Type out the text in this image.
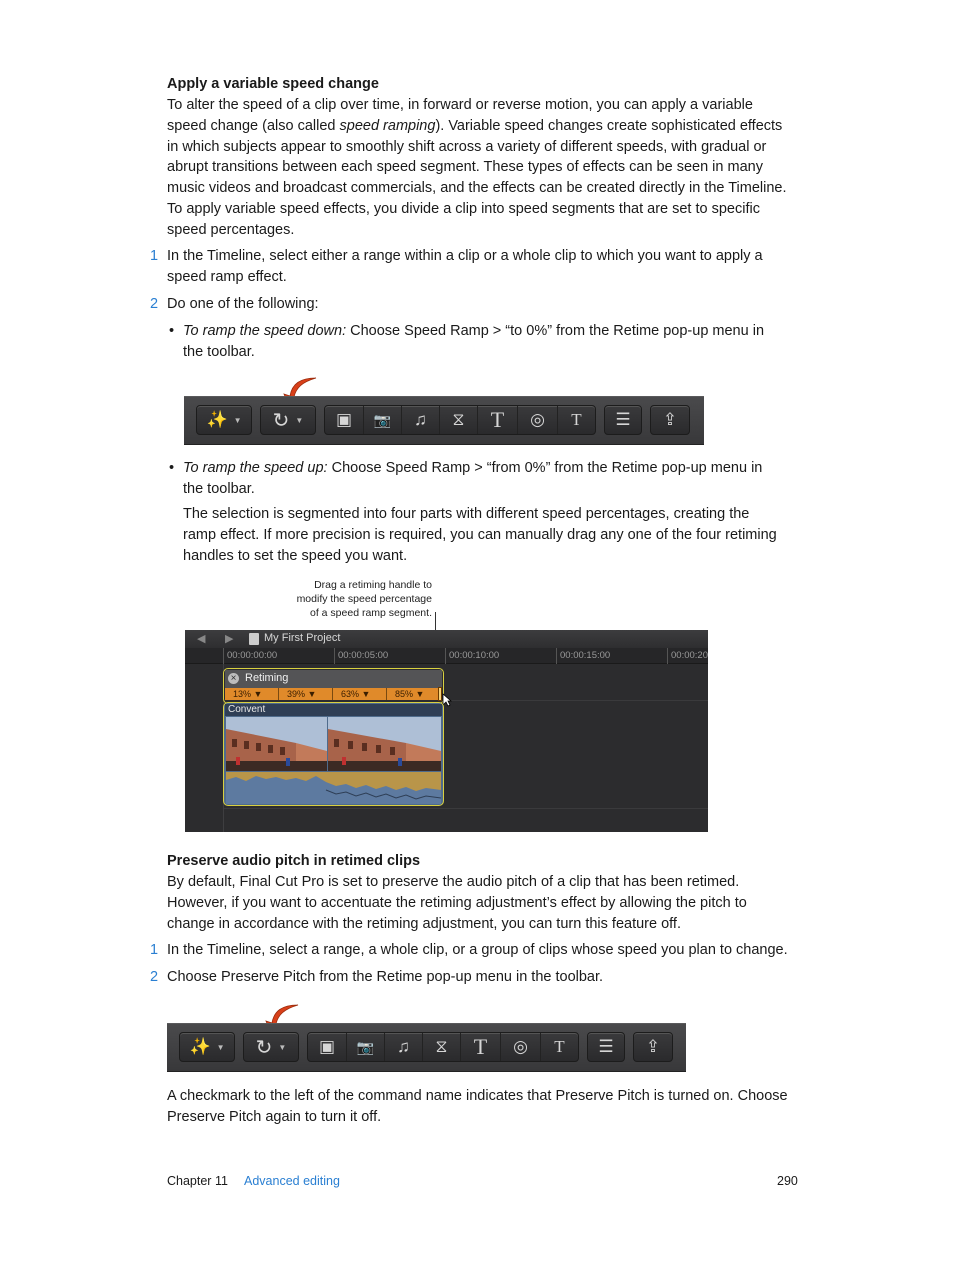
Apply a variable speed change
To alter the speed of a clip over time, in forward or reverse motion, you can apply a variable
speed change (also called speed ramping). Variable speed changes create sophisticated effects
in which subjects appear to smoothly shift across a variety of different speeds, with gradual or
abrupt transitions between each speed segment. These types of effects can be seen in many
music videos and broadcast commercials, and the effects can be created directly in the Timeline.
To apply variable speed effects, you divide a clip into speed segments that are set to specific
speed percentages.
1 In the Timeline, select either a range within a clip or a whole clip to which you want to apply a
speed ramp effect.
2 Do one of the following:
• To ramp the speed down: Choose Speed Ramp > “to 0%” from the Retime pop-up menu in
the toolbar.
✨ ▼ ↻ ▼ ▣ 📷 ♫ ⧖ T ◎ T ☰ ⇪
• To ramp the speed up: Choose Speed Ramp > “from 0%” from the Retime pop-up menu in
the toolbar.
The selection is segmented into four parts with different speed percentages, creating the
ramp effect. If more precision is required, you can manually drag any one of the four retiming
handles to set the speed you want.
Drag a retiming handle to
modify the speed percentage
of a speed ramp segment.
◀ ▶	My First Project
00:00:00:00	00:00:05:00	00:00:10:00	00:00:15:00	00:00:20
× Retiming
13% ▼	39% ▼	63% ▼	85% ▼
Convent
Preserve audio pitch in retimed clips
By default, Final Cut Pro is set to preserve the audio pitch of a clip that has been retimed.
However, if you want to accentuate the retiming adjustment’s effect by allowing the pitch to
change in accordance with the retiming adjustment, you can turn this feature off.
1 In the Timeline, select a range, a whole clip, or a group of clips whose speed you plan to change.
2 Choose Preserve Pitch from the Retime pop-up menu in the toolbar.
✨ ▼ ↻ ▼ ▣ 📷 ♫ ⧖ T ◎ T ☰ ⇪
A checkmark to the left of the command name indicates that Preserve Pitch is turned on. Choose
Preserve Pitch again to turn it off.
Chapter 11 Advanced editing	290
